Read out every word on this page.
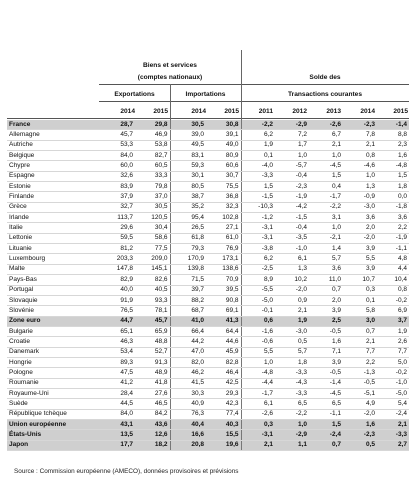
Biens et services
(comptes nationaux)	Solde des
Exportations	Importations	Transactions courantes
2014	2015	2014	2015	2011	2012	2013	2014	2015
France	28,7	29,8	30,5	30,8	-2,2	-2,9	-2,6	-2,3	-1,4
Allemagne	45,7	46,9	39,0	39,1	6,2	7,2	6,7	7,8	8,8
Autriche	53,3	53,8	49,5	49,0	1,9	1,7	2,1	2,1	2,3
Belgique	84,0	82,7	83,1	80,9	0,1	1,0	1,0	0,8	1,6
Chypre	60,0	60,5	59,3	60,6	-4,0	-5,7	-4,5	-4,6	-4,8
Espagne	32,6	33,3	30,1	30,7	-3,3	-0,4	1,5	1,0	1,5
Estonie	83,9	79,8	80,5	75,5	1,5	-2,3	0,4	1,3	1,8
Finlande	37,9	37,0	38,7	36,8	-1,5	-1,9	-1,7	-0,9	0,0
Grèce	32,7	30,5	35,2	32,3	-10,3	-4,2	-2,2	-3,0	-1,8
Irlande	113,7	120,5	95,4	102,8	-1,2	-1,5	3,1	3,6	3,6
Italie	29,6	30,4	26,5	27,1	-3,1	-0,4	1,0	2,0	2,2
Lettonie	59,5	58,6	61,8	61,0	-3,1	-3,5	-2,1	-2,0	-1,9
Lituanie	81,2	77,5	79,3	76,9	-3,8	-1,0	1,4	3,9	-1,1
Luxembourg	203,3	209,0	170,9	173,1	6,2	6,1	5,7	5,5	4,8
Malte	147,8	145,1	139,8	138,6	-2,5	1,3	3,6	3,9	4,4
Pays-Bas	82,9	82,6	71,5	70,9	8,9	10,2	11,0	10,7	10,4
Portugal	40,0	40,5	39,7	39,5	-5,5	-2,0	0,7	0,3	0,8
Slovaquie	91,9	93,3	88,2	90,8	-5,0	0,9	2,0	0,1	-0,2
Slovénie	76,5	78,1	68,7	69,1	-0,1	2,1	3,9	5,8	6,9
Zone euro	44,7	45,7	41,0	41,3	0,6	1,9	2,5	3,0	3,7
Bulgarie	65,1	65,9	66,4	64,4	-1,6	-3,0	-0,5	0,7	1,9
Croatie	46,3	48,8	44,2	44,6	-0,6	0,5	1,6	2,1	2,6
Danemark	53,4	52,7	47,0	45,9	5,5	5,7	7,1	7,7	7,7
Hongrie	89,3	91,3	82,0	82,8	1,0	1,8	3,9	2,2	5,0
Pologne	47,5	48,9	46,2	46,4	-4,8	-3,3	-0,5	-1,3	-0,2
Roumanie	41,2	41,8	41,5	42,5	-4,4	-4,3	-1,4	-0,5	-1,0
Royaume-Uni	28,4	27,6	30,3	29,3	-1,7	-3,3	-4,5	-5,1	-5,0
Suède	44,5	46,5	40,9	42,3	6,1	6,5	6,5	4,9	5,4
République tchèque	84,0	84,2	76,3	77,4	-2,6	-2,2	-1,1	-2,0	-2,4
Union européenne	43,1	43,6	40,4	40,3	0,3	1,0	1,5	1,6	2,1
États-Unis	13,5	12,6	16,6	15,5	-3,1	-2,9	-2,4	-2,3	-3,3
Japon	17,7	18,2	20,8	19,6	2,1	1,1	0,7	0,5	2,7
Source : Commission européenne (AMECO), données provisoires et prévisions
